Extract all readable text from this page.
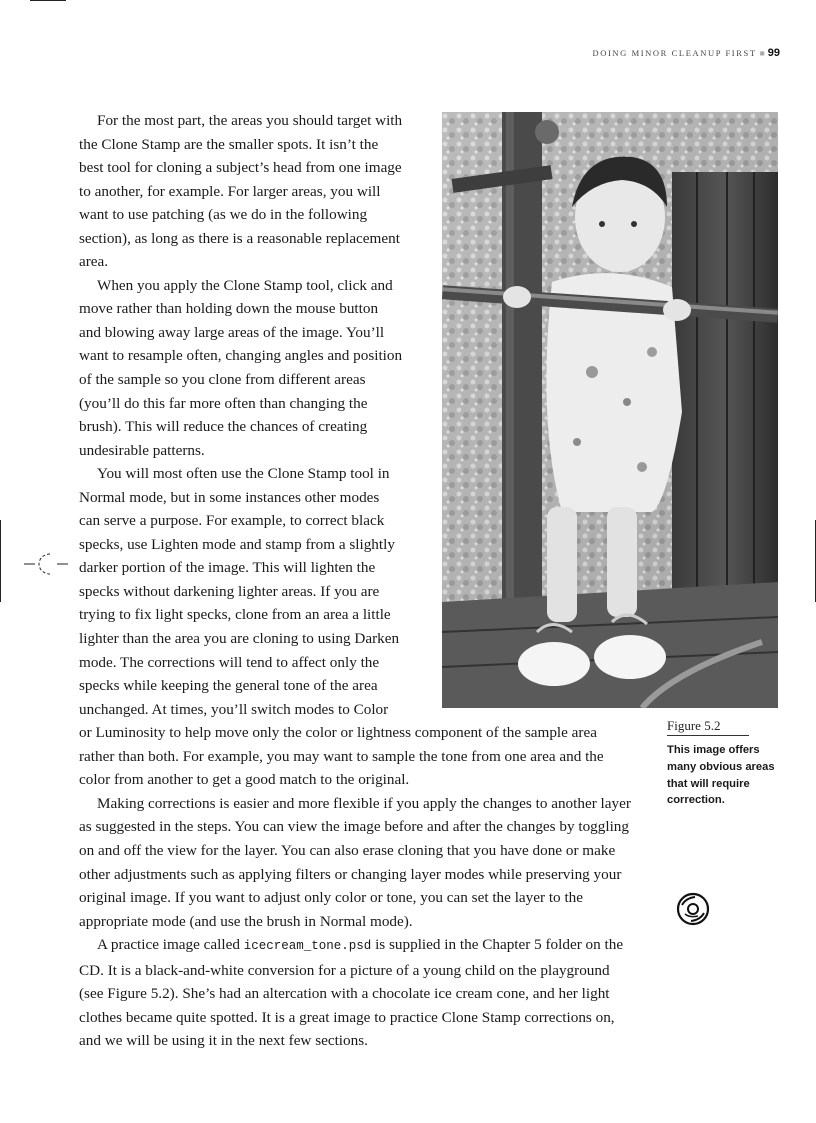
DOING MINOR CLEANUP FIRST ■ 99

For the most part, the areas you should target with the Clone Stamp are the smaller spots. It isn’t the best tool for cloning a subject’s head from one image to another, for example. For larger areas, you will want to use patching (as we do in the following section), as long as there is a reasonable replacement area.

When you apply the Clone Stamp tool, click and move rather than holding down the mouse button and blowing away large areas of the image. You’ll want to resample often, changing angles and position of the sample so you clone from different areas (you’ll do this far more often than changing the brush). This will reduce the chances of creating undesirable patterns.

You will most often use the Clone Stamp tool in Normal mode, but in some instances other modes can serve a purpose. For example, to correct black specks, use Lighten mode and stamp from a slightly darker portion of the image. This will lighten the specks without darkening lighter areas. If you are trying to fix light specks, clone from an area a little lighter than the area you are cloning to using Darken mode. The corrections will tend to affect only the specks while keeping the general tone of the area unchanged. At times, you’ll switch modes to Color or Luminosity to help move only the color or lightness component of the sample area rather than both. For example, you may want to sample the tone from one area and the color from another to get a good match to the original.

Making corrections is easier and more flexible if you apply the changes to another layer as suggested in the steps. You can view the image before and after the changes by toggling on and off the view for the layer. You can also erase cloning that you have done or make other adjustments such as applying filters or changing layer modes while preserving your original image. If you want to adjust only color or tone, you can set the layer to the appropriate mode (and use the brush in Normal mode).

A practice image called icecream_tone.psd is supplied in the Chapter 5 folder on the CD. It is a black-and-white conversion for a picture of a young child on the playground (see Figure 5.2). She’s had an altercation with a chocolate ice cream cone, and her light clothes became quite spotted. It is a great image to practice Clone Stamp corrections on, and we will be using it in the next few sections.

Figure 5.2
This image offers many obvious areas that will require correction.
